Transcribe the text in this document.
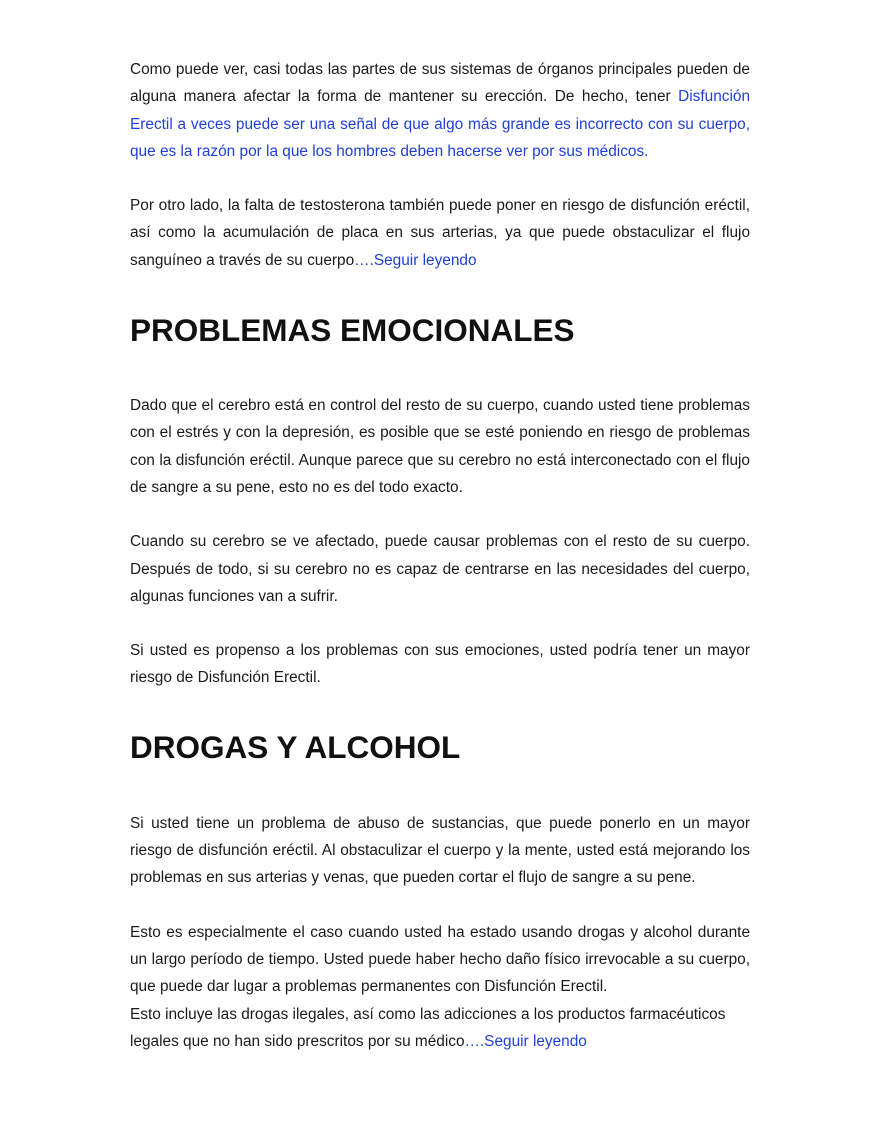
Como puede ver, casi todas las partes de sus sistemas de órganos principales pueden de alguna manera afectar la forma de mantener su erección. De hecho, tener Disfunción Erectil a veces puede ser una señal de que algo más grande es incorrecto con su cuerpo, que es la razón por la que los hombres deben hacerse ver por sus médicos.

Por otro lado, la falta de testosterona también puede poner en riesgo de disfunción eréctil, así como la acumulación de placa en sus arterias, ya que puede obstaculizar el flujo sanguíneo a través de su cuerpo….Seguir leyendo

PROBLEMAS EMOCIONALES

Dado que el cerebro está en control del resto de su cuerpo, cuando usted tiene problemas con el estrés y con la depresión, es posible que se esté poniendo en riesgo de problemas con la disfunción eréctil. Aunque parece que su cerebro no está interconectado con el flujo de sangre a su pene, esto no es del todo exacto.

Cuando su cerebro se ve afectado, puede causar problemas con el resto de su cuerpo. Después de todo, si su cerebro no es capaz de centrarse en las necesidades del cuerpo, algunas funciones van a sufrir.

Si usted es propenso a los problemas con sus emociones, usted podría tener un mayor riesgo de Disfunción Erectil.

DROGAS Y ALCOHOL

Si usted tiene un problema de abuso de sustancias, que puede ponerlo en un mayor riesgo de disfunción eréctil. Al obstaculizar el cuerpo y la mente, usted está mejorando los problemas en sus arterias y venas, que pueden cortar el flujo de sangre a su pene.

Esto es especialmente el caso cuando usted ha estado usando drogas y alcohol durante un largo período de tiempo. Usted puede haber hecho daño físico irrevocable a su cuerpo, que puede dar lugar a problemas permanentes con Disfunción Erectil.

Esto incluye las drogas ilegales, así como las adicciones a los productos farmacéuticos legales que no han sido prescritos por su médico….Seguir leyendo
